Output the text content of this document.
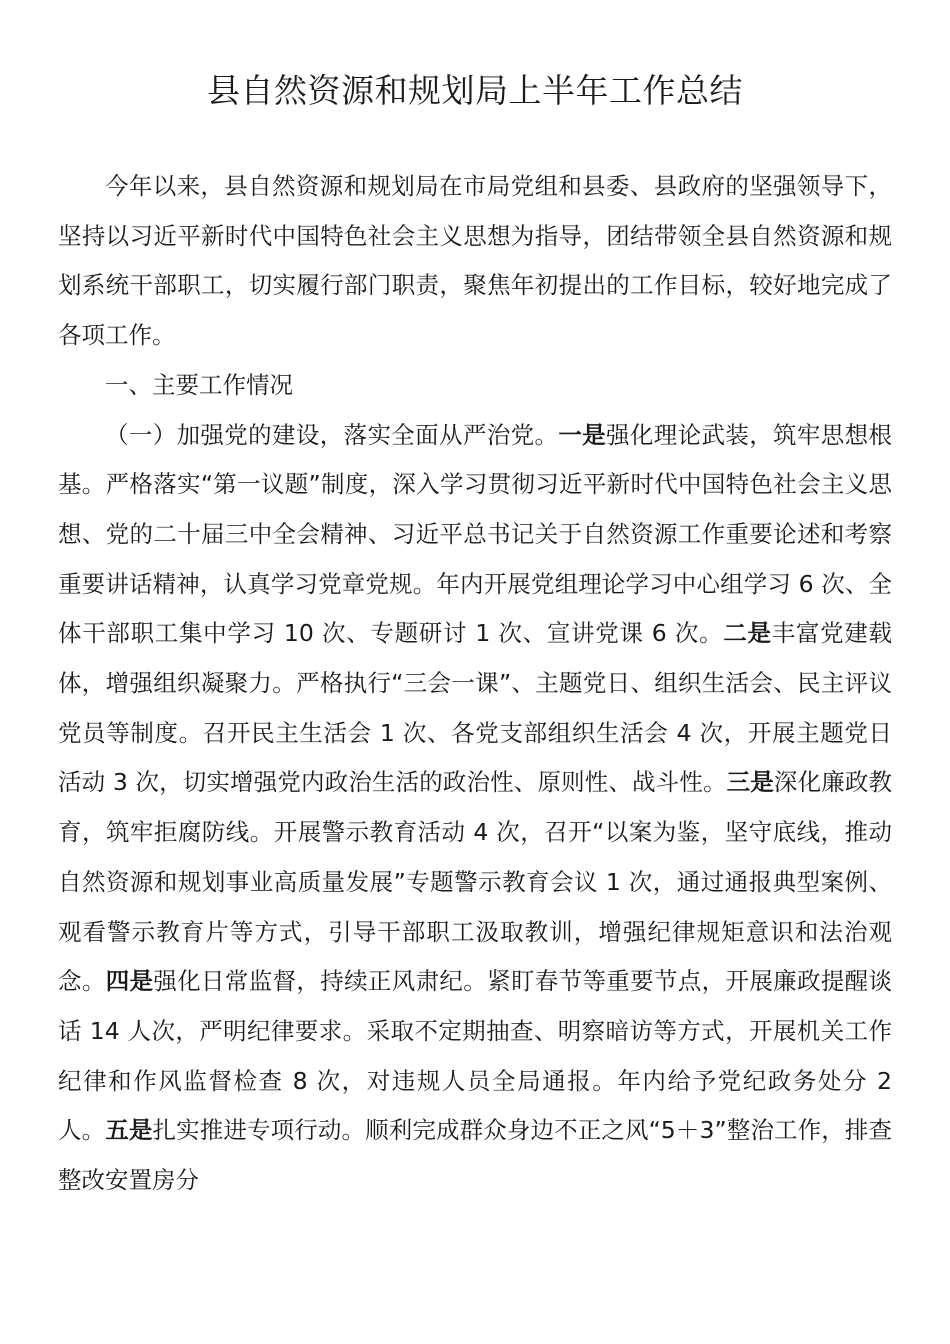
县自然资源和规划局上半年工作总结

今年以来，县自然资源和规划局在市局党组和县委、县政府的坚强领导下，坚持以习近平新时代中国特色社会主义思想为指导，团结带领全县自然资源和规划系统干部职工，切实履行部门职责，聚焦年初提出的工作目标，较好地完成了各项工作。

一、主要工作情况

（一）加强党的建设，落实全面从严治党。一是强化理论武装，筑牢思想根基。严格落实“第一议题”制度，深入学习贯彻习近平新时代中国特色社会主义思想、党的二十届三中全会精神、习近平总书记关于自然资源工作重要论述和考察重要讲话精神，认真学习党章党规。年内开展党组理论学习中心组学习 6 次、全体干部职工集中学习 10 次、专题研讨 1 次、宣讲党课 6 次。二是丰富党建载体，增强组织凝聚力。严格执行“三会一课”、主题党日、组织生活会、民主评议党员等制度。召开民主生活会 1 次、各党支部组织生活会 4 次，开展主题党日活动 3 次，切实增强党内政治生活的政治性、原则性、战斗性。三是深化廉政教育，筑牢拒腐防线。开展警示教育活动 4 次，召开“以案为鉴，坚守底线，推动自然资源和规划事业高质量发展”专题警示教育会议 1 次，通过通报典型案例、观看警示教育片等方式，引导干部职工汲取教训，增强纪律规矩意识和法治观念。四是强化日常监督，持续正风肃纪。紧盯春节等重要节点，开展廉政提醒谈话 14 人次，严明纪律要求。采取不定期抽查、明察暗访等方式，开展机关工作纪律和作风监督检查 8 次，对违规人员全局通报。年内给予党纪政务处分 2 人。五是扎实推进专项行动。顺利完成群众身边不正之风“5＋3”整治工作，排查整改安置房分
